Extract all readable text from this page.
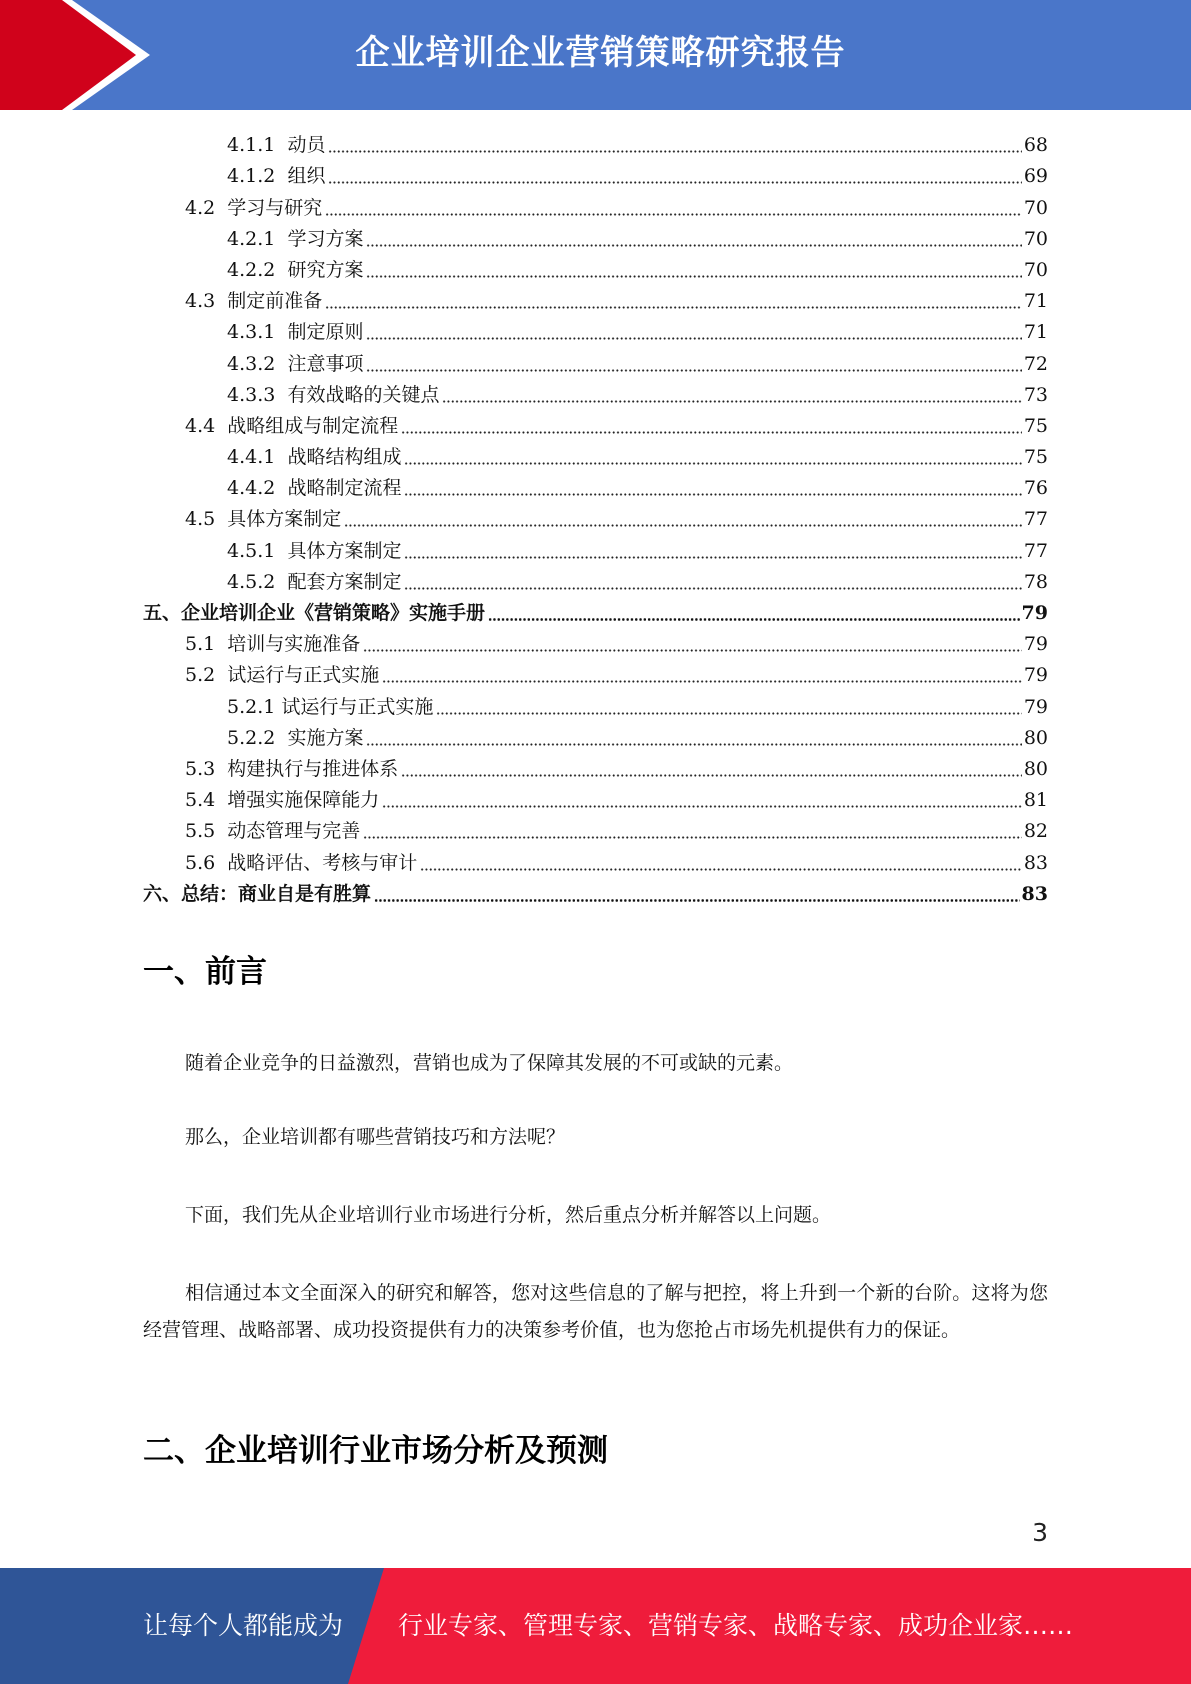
企业培训企业营销策略研究报告
4.1.1 动员	68
4.1.2 组织	69
4.2 学习与研究	70
4.2.1 学习方案	70
4.2.2 研究方案	70
4.3 制定前准备	71
4.3.1 制定原则	71
4.3.2 注意事项	72
4.3.3 有效战略的关键点	73
4.4 战略组成与制定流程	75
4.4.1 战略结构组成	75
4.4.2 战略制定流程	76
4.5 具体方案制定	77
4.5.1 具体方案制定	77
4.5.2 配套方案制定	78
五、企业培训企业《营销策略》实施手册	79
5.1 培训与实施准备	79
5.2 试运行与正式实施	79
5.2.1 试运行与正式实施	79
5.2.2 实施方案	80
5.3 构建执行与推进体系	80
5.4 增强实施保障能力	81
5.5 动态管理与完善	82
5.6 战略评估、考核与审计	83
六、总结：商业自是有胜算	83
一、前言

随着企业竞争的日益激烈，营销也成为了保障其发展的不可或缺的元素。

那么，企业培训都有哪些营销技巧和方法呢？

下面，我们先从企业培训行业市场进行分析，然后重点分析并解答以上问题。

相信通过本文全面深入的研究和解答，您对这些信息的了解与把控，将上升到一个新的台阶。这将为您经营管理、战略部署、成功投资提供有力的决策参考价值，也为您抢占市场先机提供有力的保证。

二、企业培训行业市场分析及预测
3
让每个人都能成为 行业专家、管理专家、营销专家、战略专家、成功企业家……
